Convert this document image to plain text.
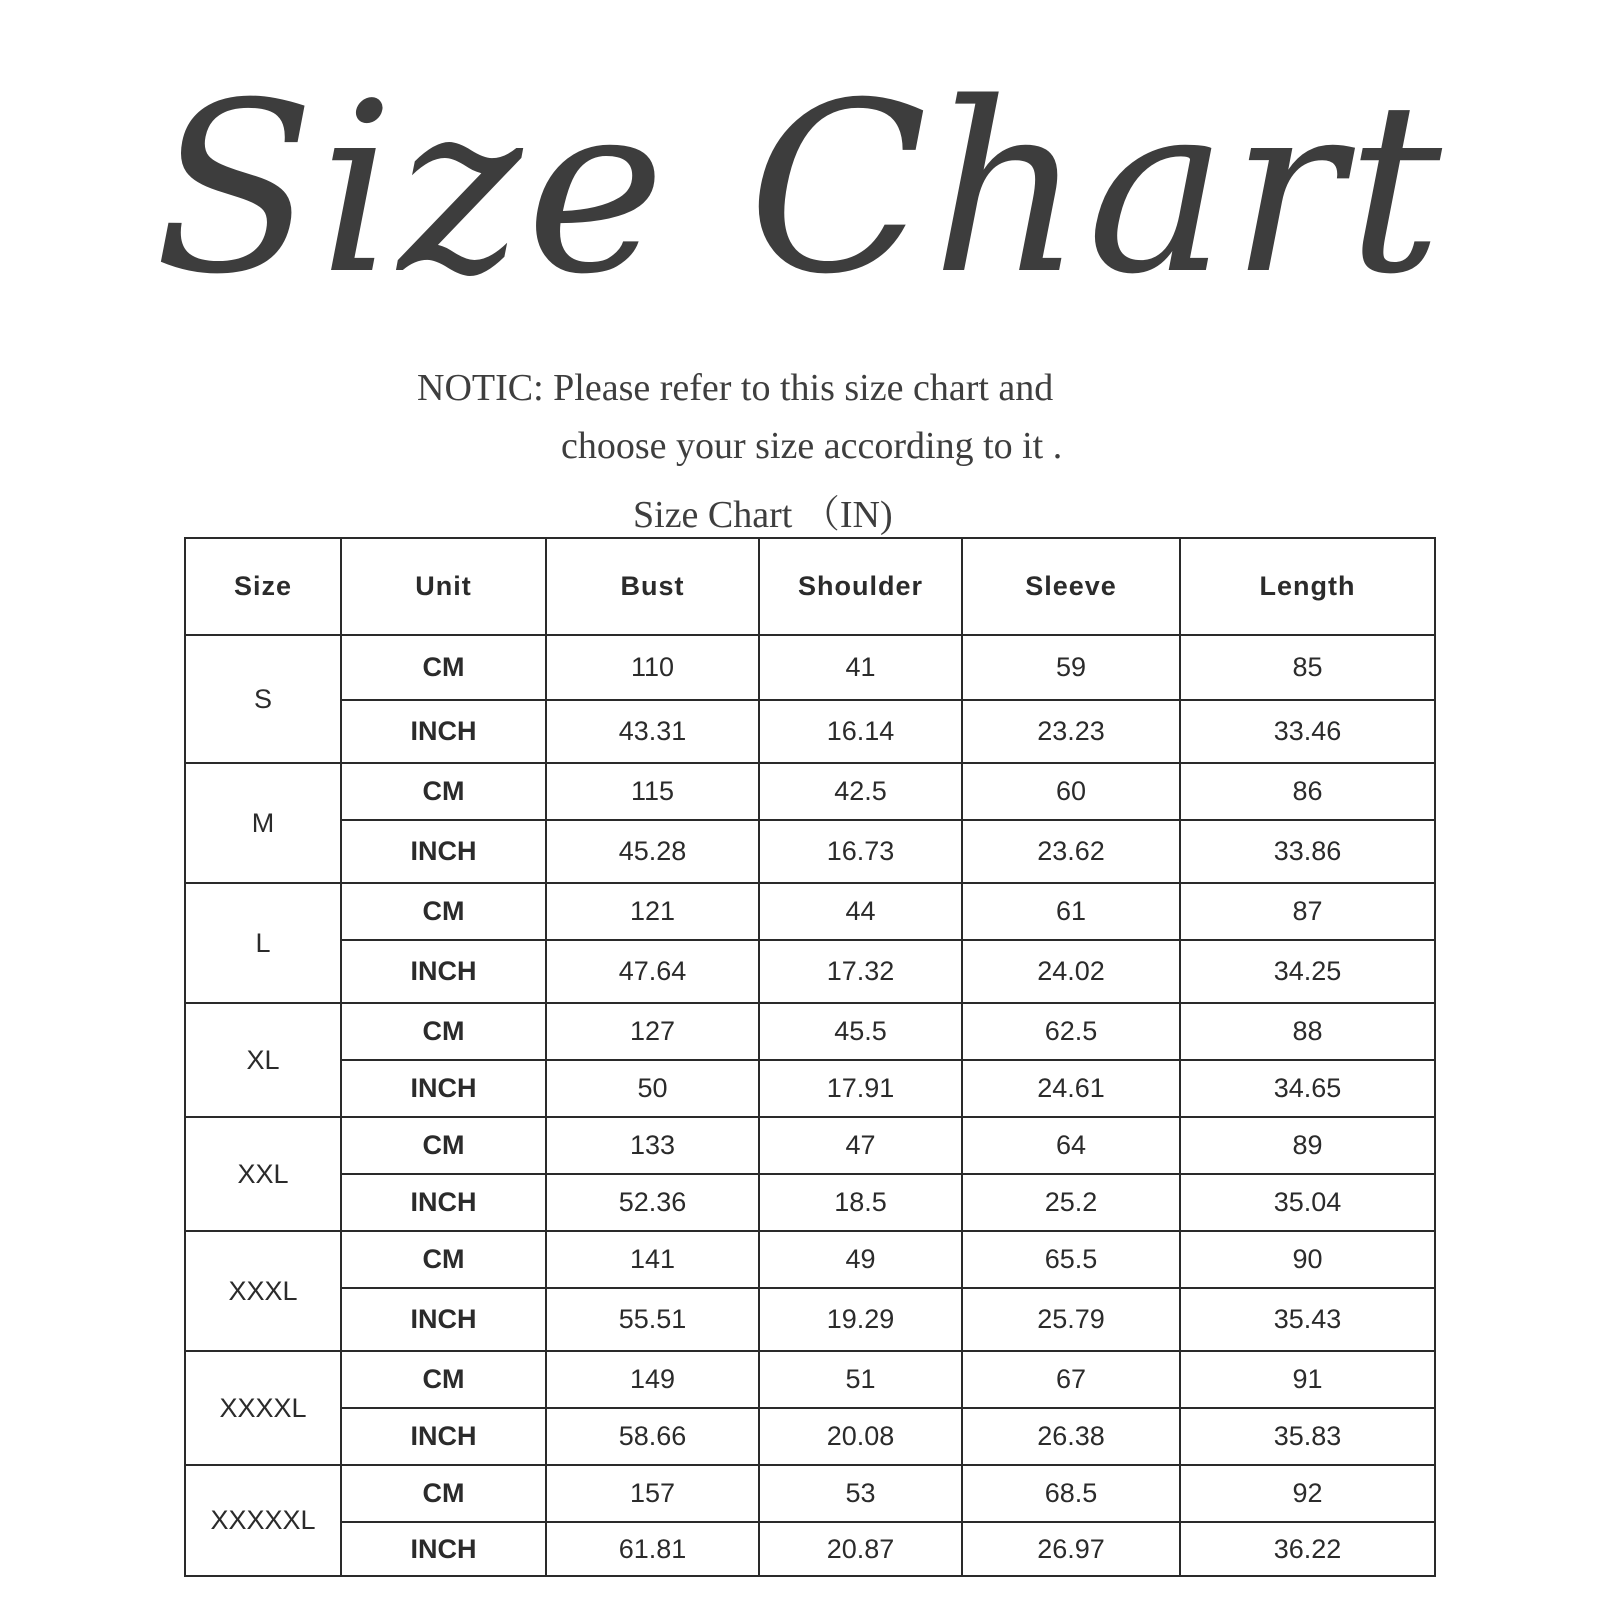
Size Chart
NOTIC: Please refer to this size chart and
choose your size according to it .
Size Chart （IN)
Size	Unit	Bust	Shoulder	Sleeve	Length
S	CM	110	41	59	85
	INCH	43.31	16.14	23.23	33.46
M	CM	115	42.5	60	86
	INCH	45.28	16.73	23.62	33.86
L	CM	121	44	61	87
	INCH	47.64	17.32	24.02	34.25
XL	CM	127	45.5	62.5	88
	INCH	50	17.91	24.61	34.65
XXL	CM	133	47	64	89
	INCH	52.36	18.5	25.2	35.04
XXXL	CM	141	49	65.5	90
	INCH	55.51	19.29	25.79	35.43
XXXXL	CM	149	51	67	91
	INCH	58.66	20.08	26.38	35.83
XXXXXL	CM	157	53	68.5	92
	INCH	61.81	20.87	26.97	36.22
